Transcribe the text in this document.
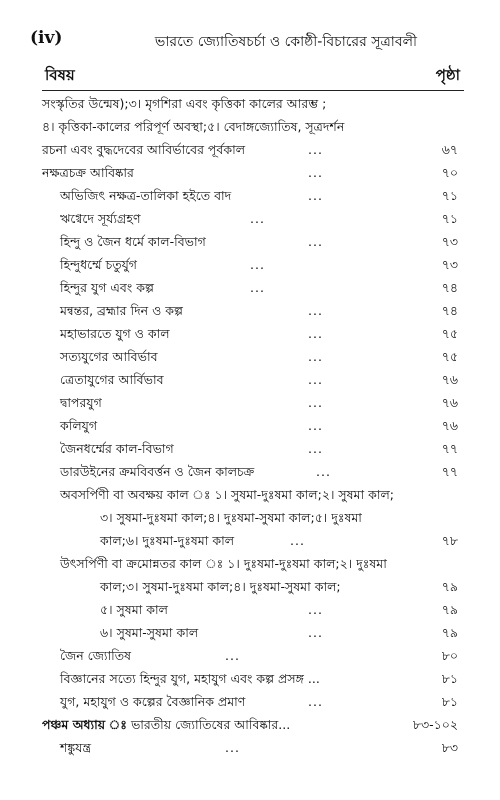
(iv)	ভারতে জ্যোতিষচর্চা ও কোষ্ঠী-বিচারের সূত্রাবলী
বিষয়	পৃষ্ঠা
সংস্কৃতির উন্মেষ);৩। মৃগশিরা এবং কৃত্তিকা কালের আরম্ভ ;
৪। কৃত্তিকা-কালের পরিপূর্ণ অবস্থা;৫। বেদাঙ্গজ্যোতিষ, সূত্রদর্শন
রচনা এবং বুদ্ধদেবের আবির্ভাবের পূর্বকাল	...	৬৭
নক্ষত্রচক্র আবিষ্কার	...	৭০
অভিজিৎ নক্ষত্র-তালিকা হইতে বাদ	...	৭১
ঋগ্বেদে সূর্য্যগ্রহণ	...	৭১
হিন্দু ও জৈন ধর্মে কাল-বিভাগ	...	৭৩
হিন্দুধর্ম্মে চতুর্যুগ	...	৭৩
হিন্দুর যুগ এবং কল্প	...	৭৪
মন্বন্তর, ব্রহ্মার দিন ও কল্প	...	৭৪
মহাভারতে যুগ ও কাল	...	৭৫
সত্যযুগের আবির্ভাব	...	৭৫
ত্রেতাযুগের আর্বিভাব	...	৭৬
দ্বাপরযুগ	...	৭৬
কলিযুগ	...	৭৬
জৈনধর্ম্মের কাল-বিভাগ	...	৭৭
ডারউইনের ক্রমবিবর্ত্তন ও জৈন কালচক্র	...	৭৭
অবসর্পিণী বা অবক্ষয় কাল ঃ ১। সুষমা-দুঃষমা কাল;২। সুষমা কাল;
৩। সুষমা-দুঃষমা কাল;৪। দুঃষমা-সুষমা কাল;৫। দুঃষমা
কাল;৬। দুঃষমা-দুঃষমা কাল	...	৭৮
উৎসর্পিণী বা ক্রমোন্নতর কাল ঃ ১। দুঃষমা-দুঃষমা কাল;২। দুঃষমা
কাল;৩। সুষমা-দুঃষমা কাল;৪। দুঃষমা-সুষমা কাল;	৭৯
৫। সুষমা কাল	...	৭৯
৬। সুষমা-সুষমা কাল	...	৭৯
জৈন জ্যোতিষ	...	৮০
বিজ্ঞানের সত্যে হিন্দুর যুগ, মহাযুগ এবং কল্প প্রসঙ্গ ...	৮১
যুগ, মহাযুগ ও কল্পের বৈজ্ঞানিক প্রমাণ	...	৮১
পঞ্চম অধ্যায় ঃ ভারতীয় জ্যোতিষের আবিষ্কার...	৮৩-১০২
শঙ্কুযন্ত্র	...	৮৩
